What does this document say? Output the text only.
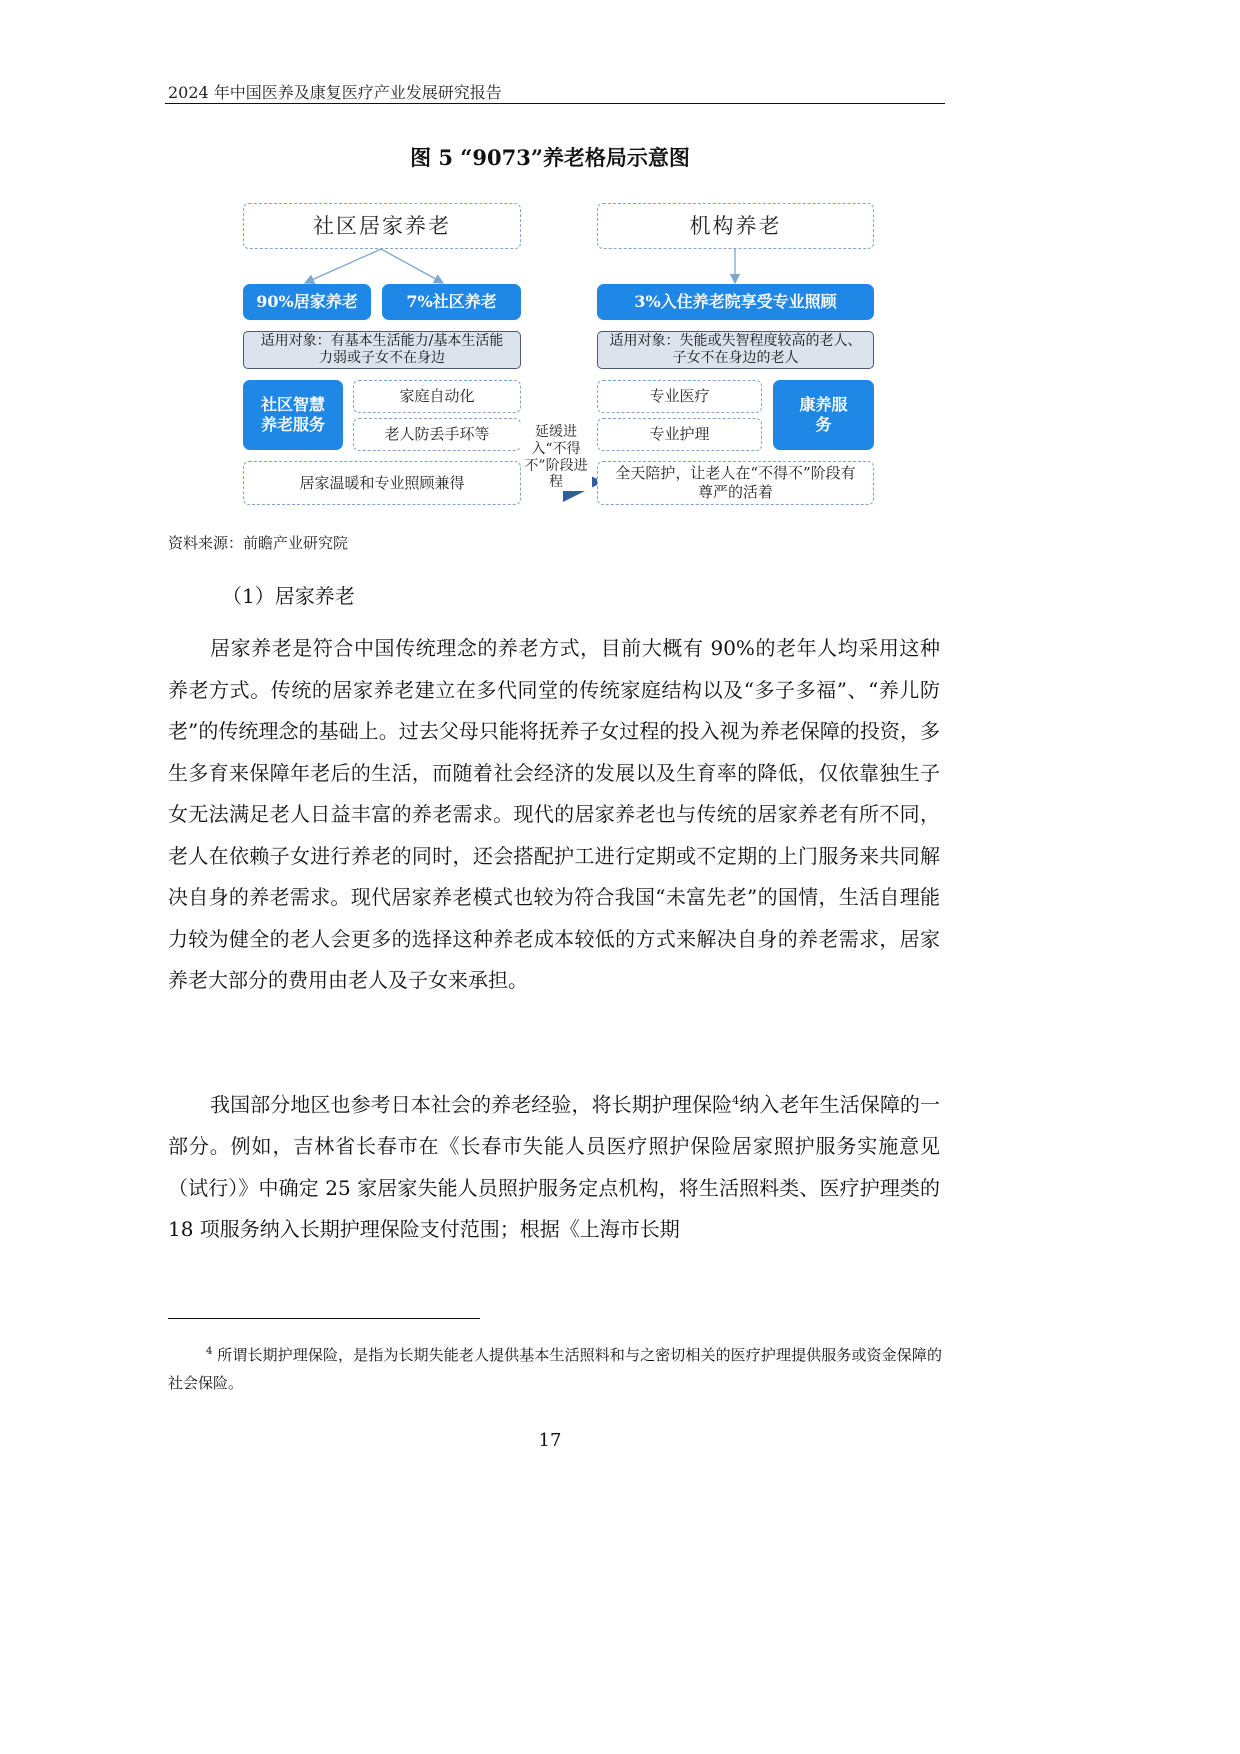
2024 年中国医养及康复医疗产业发展研究报告
图 5 “9073”养老格局示意图
社区居家养老	机构养老
90%居家养老	7%社区养老	3%入住养老院享受专业照顾
适用对象：有基本生活能力/基本生活能力弱或子女不在身边
适用对象：失能或失智程度较高的老人、子女不在身边的老人
社区智慧养老服务
家庭自动化
老人防丢手环等
专业医疗
专业护理
康养服务
延缓进入“不得不”阶段进程
居家温暖和专业照顾兼得
全天陪护，让老人在“不得不”阶段有尊严的活着
资料来源：前瞻产业研究院
（1）居家养老

居家养老是符合中国传统理念的养老方式，目前大概有 90%的老年人均采用这种养老方式。传统的居家养老建立在多代同堂的传统家庭结构以及“多子多福”、“养儿防老”的传统理念的基础上。过去父母只能将抚养子女过程的投入视为养老保障的投资，多生多育来保障年老后的生活，而随着社会经济的发展以及生育率的降低，仅依靠独生子女无法满足老人日益丰富的养老需求。现代的居家养老也与传统的居家养老有所不同，老人在依赖子女进行养老的同时，还会搭配护工进行定期或不定期的上门服务来共同解决自身的养老需求。现代居家养老模式也较为符合我国“未富先老”的国情，生活自理能力较为健全的老人会更多的选择这种养老成本较低的方式来解决自身的养老需求，居家养老大部分的费用由老人及子女来承担。

我国部分地区也参考日本社会的养老经验，将长期护理保险$^4$纳入老年生活保障的一部分。例如，吉林省长春市在《长春市失能人员医疗照护保险居家照护服务实施意见（试行）》中确定 25 家居家失能人员照护服务定点机构，将生活照料类、医疗护理类的 18 项服务纳入长期护理保险支付范围；根据《上海市长期

$^4$ 所谓长期护理保险，是指为长期失能老人提供基本生活照料和与之密切相关的医疗护理提供服务或资金保障的社会保险。

17
